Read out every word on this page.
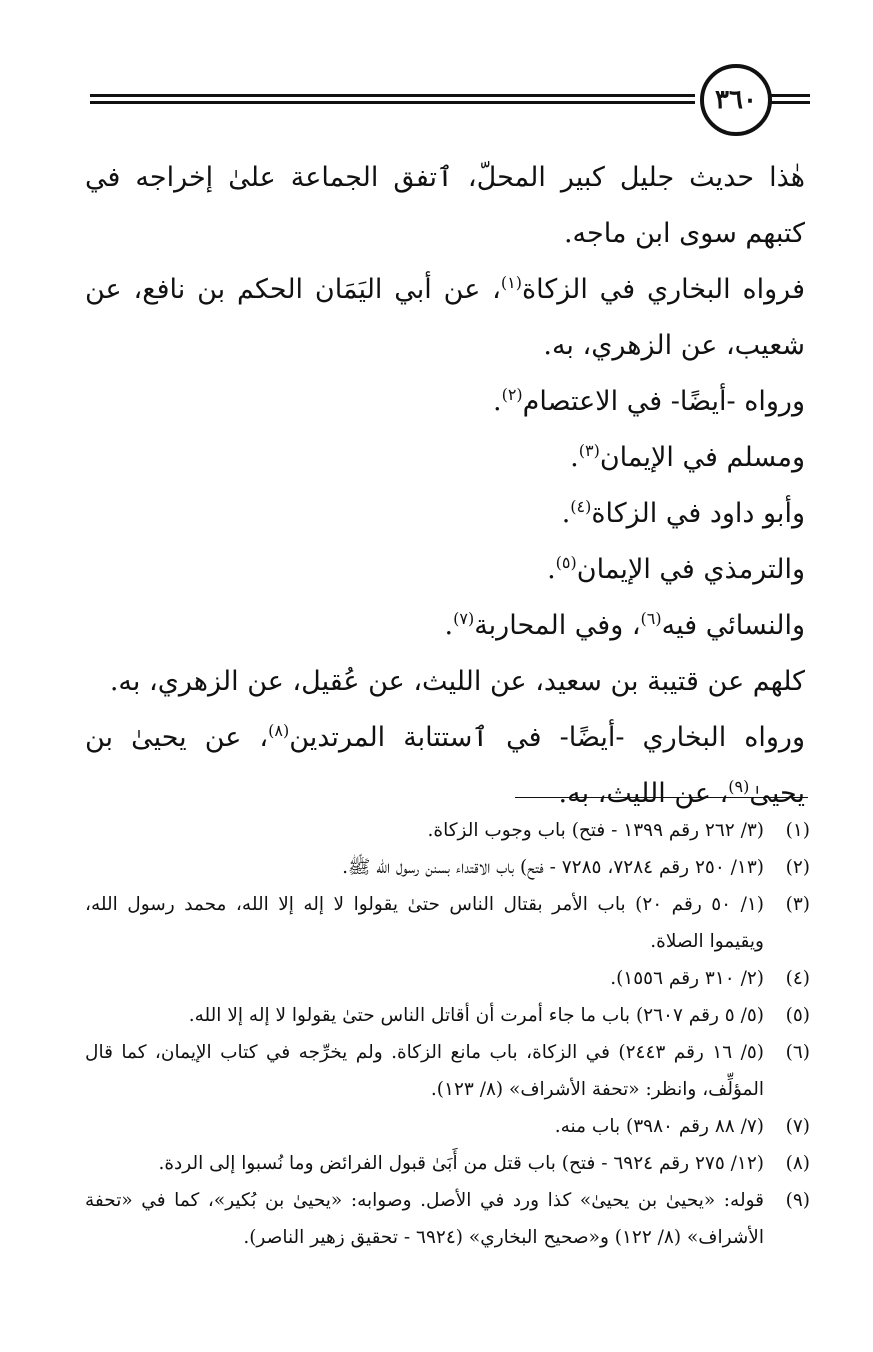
٣٦٠

هٰذا حديث جليل كبير المحلّ، ٱتفق الجماعة علىٰ إخراجه في كتبهم سوى ابن ماجه.

فرواه البخاري في الزكاة$^{(١)}$، عن أبي اليَمَان الحكم بن نافع، عن شعيب، عن الزهري، به.

ورواه -أيضًا- في الاعتصام$^{(٢)}$.

ومسلم في الإيمان$^{(٣)}$.

وأبو داود في الزكاة$^{(٤)}$.

والترمذي في الإيمان$^{(٥)}$.

والنسائي فيه$^{(٦)}$، وفي المحاربة$^{(٧)}$.

كلهم عن قتيبة بن سعيد، عن الليث، عن عُقيل، عن الزهري، به.

ورواه البخاري -أيضًا- في ٱستتابة المرتدين$^{(٨)}$، عن يحيىٰ بن يحيىٰ$^{(٩)}$، عن الليث، به.

(١)
(٣/ ٢٦٢ رقم ١٣٩٩ - فتح) باب وجوب الزكاة.
(٢)
(١٣/ ٢٥٠ رقم ٧٢٨٤، ٧٢٨٥ - فتح) باب الاقتداء بسنن رسول الله ﷺ.
(٣)
(١/ ٥٠ رقم ٢٠) باب الأمر بقتال الناس حتىٰ يقولوا لا إله إلا الله، محمد رسول الله، ويقيموا الصلاة.
(٤)
(٢/ ٣١٠ رقم ١٥٥٦).
(٥)
(٥/ ٥ رقم ٢٦٠٧) باب ما جاء أمرت أن أقاتل الناس حتىٰ يقولوا لا إله إلا الله.
(٦)
(٥/ ١٦ رقم ٢٤٤٣) في الزكاة، باب مانع الزكاة. ولم يخرِّجه في كتاب الإيمان، كما قال المؤلِّف، وانظر: «تحفة الأشراف» (٨/ ١٢٣).
(٧)
(٧/ ٨٨ رقم ٣٩٨٠) باب منه.
(٨)
(١٢/ ٢٧٥ رقم ٦٩٢٤ - فتح) باب قتل من أَبَىٰ قبول الفرائض وما نُسبوا إلى الردة.
(٩)
قوله: «يحيىٰ بن يحيىٰ» كذا ورد في الأصل. وصوابه: «يحيىٰ بن بُكير»، كما في «تحفة الأشراف» (٨/ ١٢٢) و«صحيح البخاري» (٦٩٢٤ - تحقيق زهير الناصر).
